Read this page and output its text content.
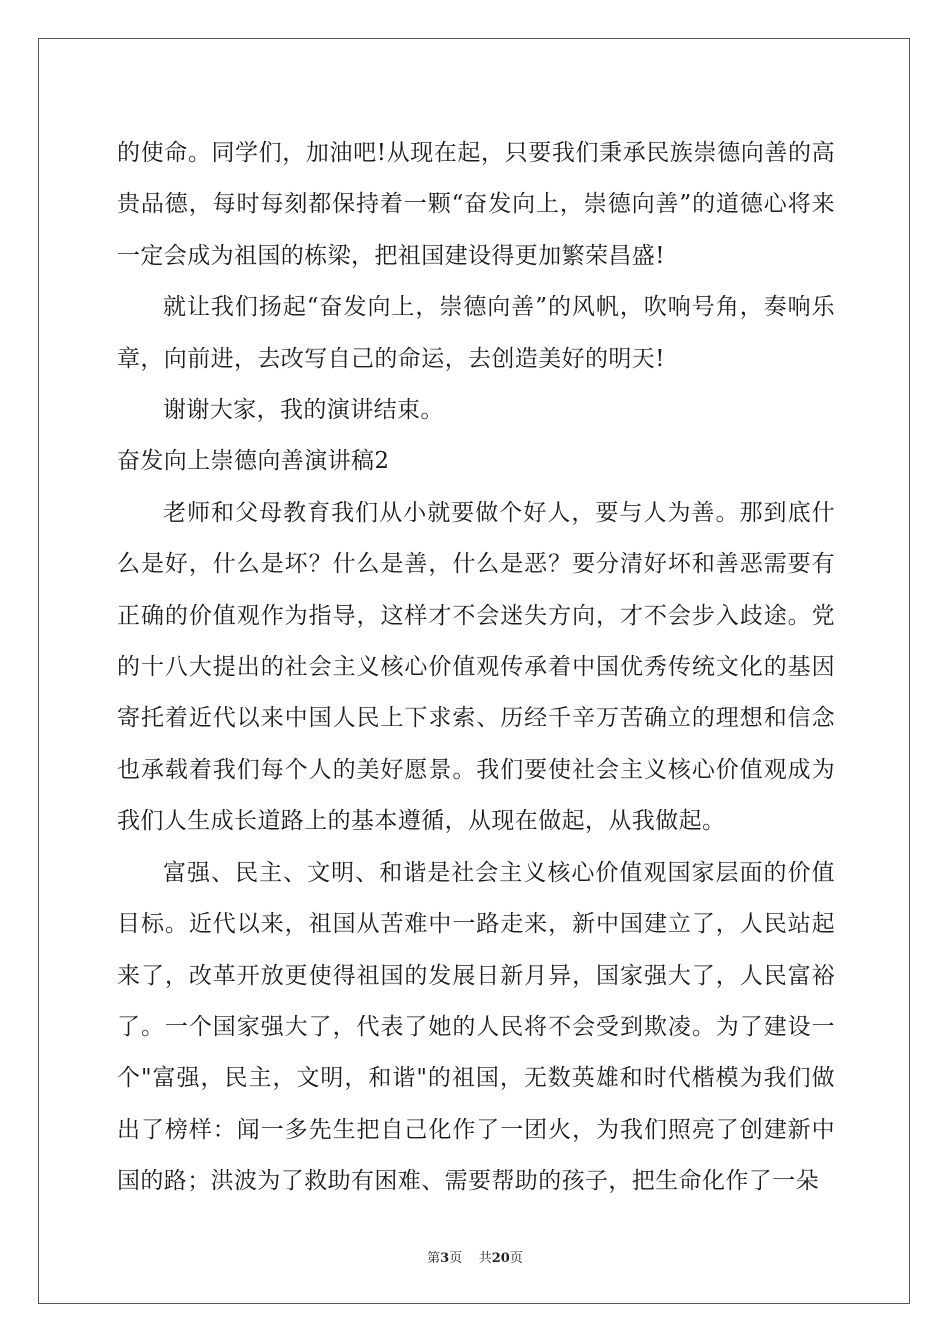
的使命。同学们，加油吧!从现在起，只要我们秉承民族崇德向善的高贵品德，每时每刻都保持着一颗“奋发向上，崇德向善”的道德心将来一定会成为祖国的栋梁，把祖国建设得更加繁荣昌盛!

就让我们扬起“奋发向上，崇德向善”的风帆，吹响号角，奏响乐章，向前进，去改写自己的命运，去创造美好的明天!

谢谢大家，我的演讲结束。

奋发向上崇德向善演讲稿2

老师和父母教育我们从小就要做个好人，要与人为善。那到底什么是好，什么是坏？什么是善，什么是恶？要分清好坏和善恶需要有正确的价值观作为指导，这样才不会迷失方向，才不会步入歧途。党的十八大提出的社会主义核心价值观传承着中国优秀传统文化的基因寄托着近代以来中国人民上下求索、历经千辛万苦确立的理想和信念也承载着我们每个人的美好愿景。我们要使社会主义核心价值观成为我们人生成长道路上的基本遵循，从现在做起，从我做起。

富强、民主、文明、和谐是社会主义核心价值观国家层面的价值目标。近代以来，祖国从苦难中一路走来，新中国建立了，人民站起来了，改革开放更使得祖国的发展日新月异，国家强大了，人民富裕了。一个国家强大了，代表了她的人民将不会受到欺凌。为了建设一个"富强，民主，文明，和谐"的祖国，无数英雄和时代楷模为我们做出了榜样：闻一多先生把自己化作了一团火，为我们照亮了创建新中国的路；洪波为了救助有困难、需要帮助的孩子，把生命化作了一朵

第3页 共20页
